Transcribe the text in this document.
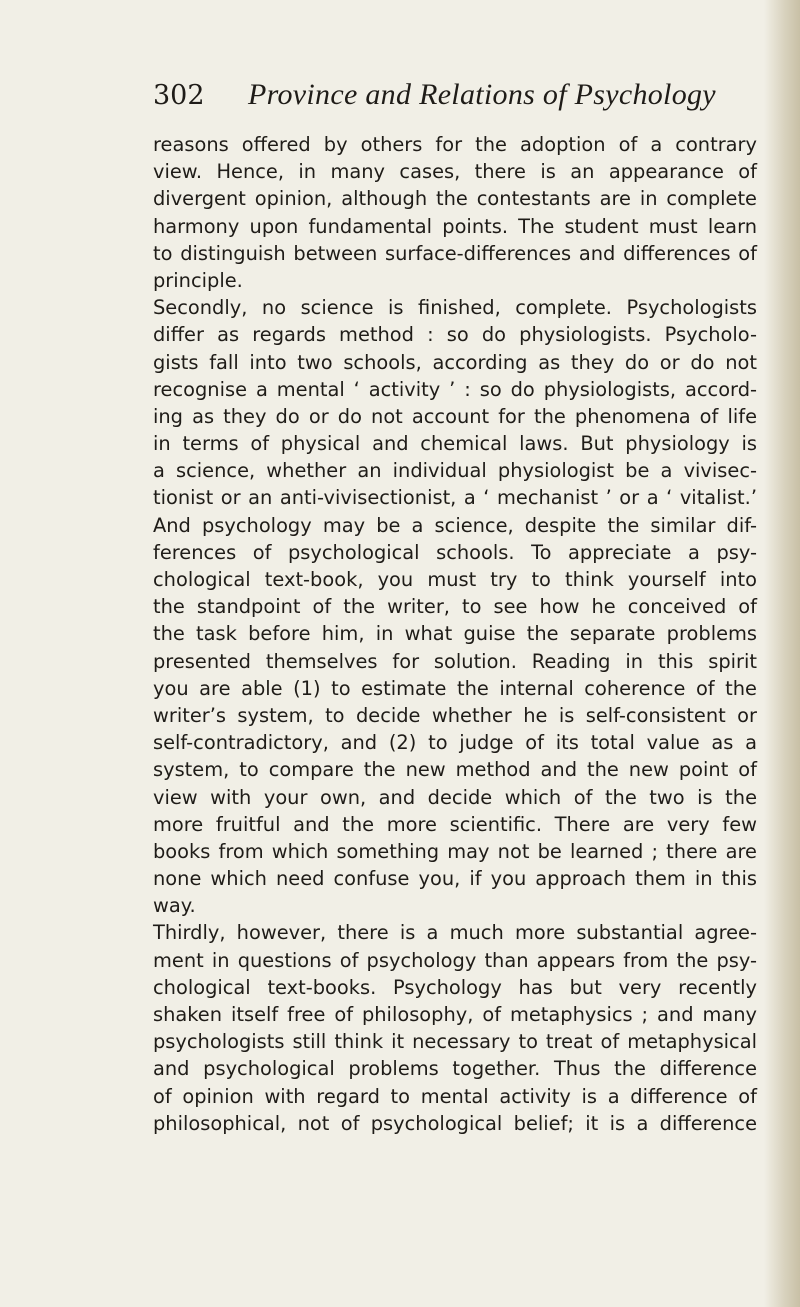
302	Province and Relations of Psychology
reasons offered by others for the adoption of a contrary
view. Hence, in many cases, there is an appearance of
divergent opinion, although the contestants are in complete
harmony upon fundamental points. The student must learn
to distinguish between surface-differences and differences of
principle.
Secondly, no science is finished, complete. Psychologists
differ as regards method : so do physiologists. Psycholo-
gists fall into two schools, according as they do or do not
recognise a mental ‘ activity ’ : so do physiologists, accord-
ing as they do or do not account for the phenomena of life
in terms of physical and chemical laws. But physiology is
a science, whether an individual physiologist be a vivisec-
tionist or an anti-vivisectionist, a ‘ mechanist ’ or a ‘ vitalist.’
And psychology may be a science, despite the similar dif-
ferences of psychological schools. To appreciate a psy-
chological text-book, you must try to think yourself into
the standpoint of the writer, to see how he conceived of
the task before him, in what guise the separate problems
presented themselves for solution. Reading in this spirit
you are able (1) to estimate the internal coherence of the
writer’s system, to decide whether he is self-consistent or
self-contradictory, and (2) to judge of its total value as a
system, to compare the new method and the new point of
view with your own, and decide which of the two is the
more fruitful and the more scientific. There are very few
books from which something may not be learned ; there are
none which need confuse you, if you approach them in this
way.
Thirdly, however, there is a much more substantial agree-
ment in questions of psychology than appears from the psy-
chological text-books. Psychology has but very recently
shaken itself free of philosophy, of metaphysics ; and many
psychologists still think it necessary to treat of metaphysical
and psychological problems together. Thus the difference
of opinion with regard to mental activity is a difference of
philosophical, not of psychological belief; it is a difference
